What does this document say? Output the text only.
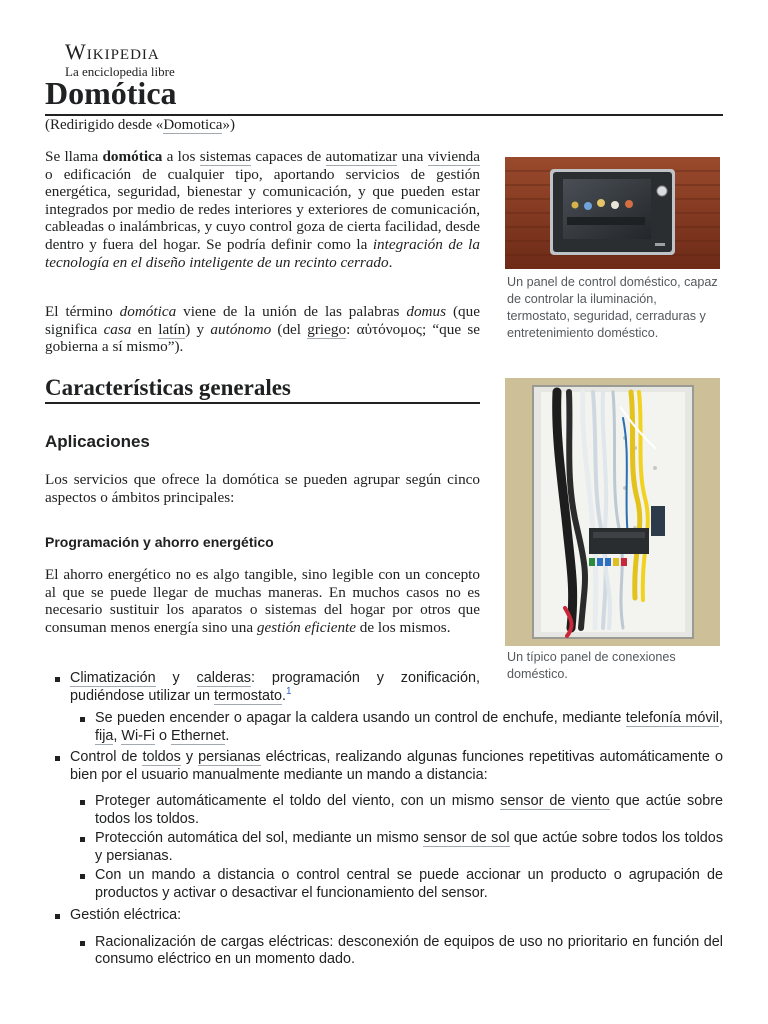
Wikipedia
La enciclopedia libre
Domótica
(Redirigido desde «Domotica»)

Se llama domótica a los sistemas capaces de automatizar una vivienda o edificación de cualquier tipo, aportando servicios de gestión energética, seguridad, bienestar y comunicación, y que pueden estar integrados por medio de redes interiores y exteriores de comunicación, cableadas o inalámbricas, y cuyo control goza de cierta facilidad, desde dentro y fuera del hogar. Se podría definir como la integración de la tecnología en el diseño inteligente de un recinto cerrado.

El término domótica viene de la unión de las palabras domus (que significa casa en latín) y autónomo (del griego: αὐτόνομος; “que se gobierna a sí mismo”).

Características generales
Aplicaciones

Los servicios que ofrece la domótica se pueden agrupar según cinco aspectos o ámbitos principales:

Programación y ahorro energético

El ahorro energético no es algo tangible, sino legible con un concepto al que se puede llegar de muchas maneras. En muchos casos no es necesario sustituir los aparatos o sistemas del hogar por otros que consuman menos energía sino una gestión eficiente de los mismos.

Climatización y calderas: programación y zonificación, pudiéndose utilizar un termostato.$^1$
Se pueden encender o apagar la caldera usando un control de enchufe, mediante telefonía móvil, fija, Wi-Fi o Ethernet.
Control de toldos y persianas eléctricas, realizando algunas funciones repetitivas automáticamente o bien por el usuario manualmente mediante un mando a distancia:
Proteger automáticamente el toldo del viento, con un mismo sensor de viento que actúe sobre todos los toldos.
Protección automática del sol, mediante un mismo sensor de sol que actúe sobre todos los toldos y persianas.
Con un mando a distancia o control central se puede accionar un producto o agrupación de productos y activar o desactivar el funcionamiento del sensor.
Gestión eléctrica:
Racionalización de cargas eléctricas: desconexión de equipos de uso no prioritario en función del consumo eléctrico en un momento dado.
Un panel de control doméstico, capaz de controlar la iluminación, termostato, seguridad, cerraduras y entretenimiento doméstico.
Un típico panel de conexiones doméstico.
